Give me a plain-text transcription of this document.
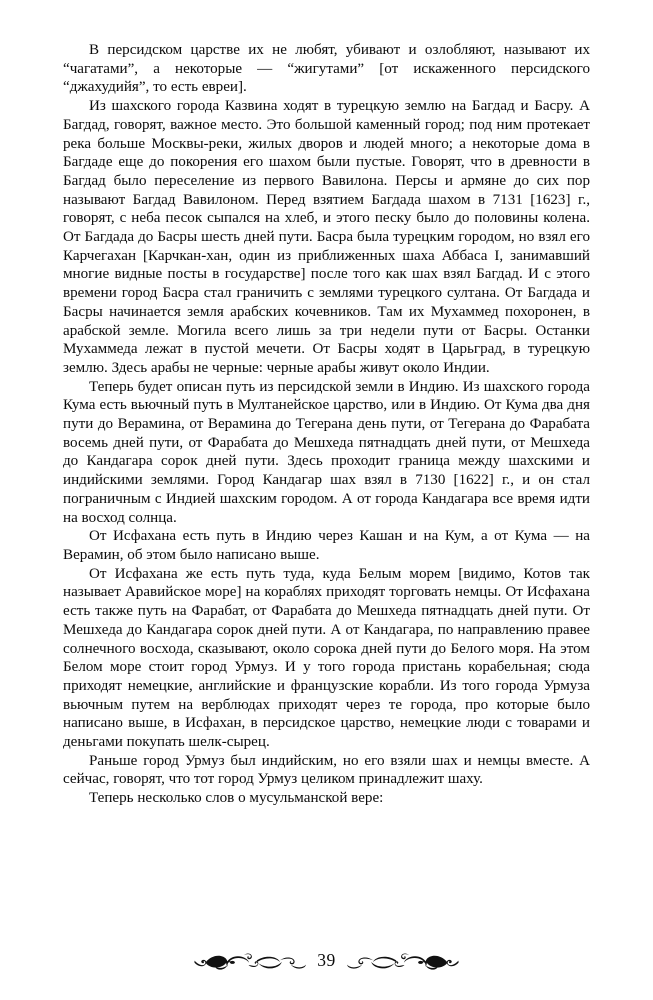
В персидском царстве их не любят, убивают и озлобляют, называют их “чагатами”, а некоторые — “жигутами” [от искаженного персидского “джахудийя”, то есть евреи].

Из шахского города Казвина ходят в турецкую землю на Багдад и Басру. А Багдад, говорят, важное место. Это большой каменный город; под ним протекает река больше Москвы-реки, жилых дворов и людей много; а некоторые дома в Багдаде еще до покорения его шахом были пустые. Говорят, что в древности в Багдад было переселение из первого Вавилона. Персы и армяне до сих пор называют Багдад Вавилоном. Перед взятием Багдада шахом в 7131 [1623] г., говорят, с неба песок сыпался на хлеб, и этого песку было до половины колена. От Багдада до Басры шесть дней пути. Басра была турецким городом, но взял его Карчегахан [Карчкан-хан, один из приближенных шаха Аббаса I, занимавший многие видные посты в государстве] после того как шах взял Багдад. И с этого времени город Басра стал граничить с землями турецкого султана. От Багдада и Басры начинается земля арабских кочевников. Там их Мухаммед похоронен, в арабской земле. Могила всего лишь за три недели пути от Басры. Останки Мухаммеда лежат в пустой мечети. От Басры ходят в Царьград, в турецкую землю. Здесь арабы не черные: черные арабы живут около Индии.

Теперь будет описан путь из персидской земли в Индию. Из шахского города Кума есть вьючный путь в Мултанейское царство, или в Индию. От Кума два дня пути до Верамина, от Верамина до Тегерана день пути, от Тегерана до Фарабата восемь дней пути, от Фарабата до Мешхеда пятнадцать дней пути, от Мешхеда до Кандагара сорок дней пути. Здесь проходит граница между шахскими и индийскими землями. Город Кандагар шах взял в 7130 [1622] г., и он стал пограничным с Индией шахским городом. А от города Кандагара все время идти на восход солнца.

От Исфахана есть путь в Индию через Кашан и на Кум, а от Кума — на Верамин, об этом было написано выше.

От Исфахана же есть путь туда, куда Белым морем [видимо, Котов так называет Аравийское море] на кораблях приходят торговать немцы. От Исфахана есть также путь на Фарабат, от Фарабата до Мешхеда пятнадцать дней пути. От Мешхеда до Кандагара сорок дней пути. А от Кандагара, по направлению правее солнечного восхода, сказывают, около сорока дней пути до Белого моря. На этом Белом море стоит город Урмуз. И у того города пристань корабельная; сюда приходят немецкие, английские и французские корабли. Из того города Урмуза вьючным путем на верблюдах приходят через те города, про которые было написано выше, в Исфахан, в персидское царство, немецкие люди с товарами и деньгами покупать шелк-сырец.

Раньше город Урмуз был индийским, но его взяли шах и немцы вместе. А сейчас, говорят, что тот город Урмуз целиком принадлежит шаху.

Теперь несколько слов о мусульманской вере:

39
